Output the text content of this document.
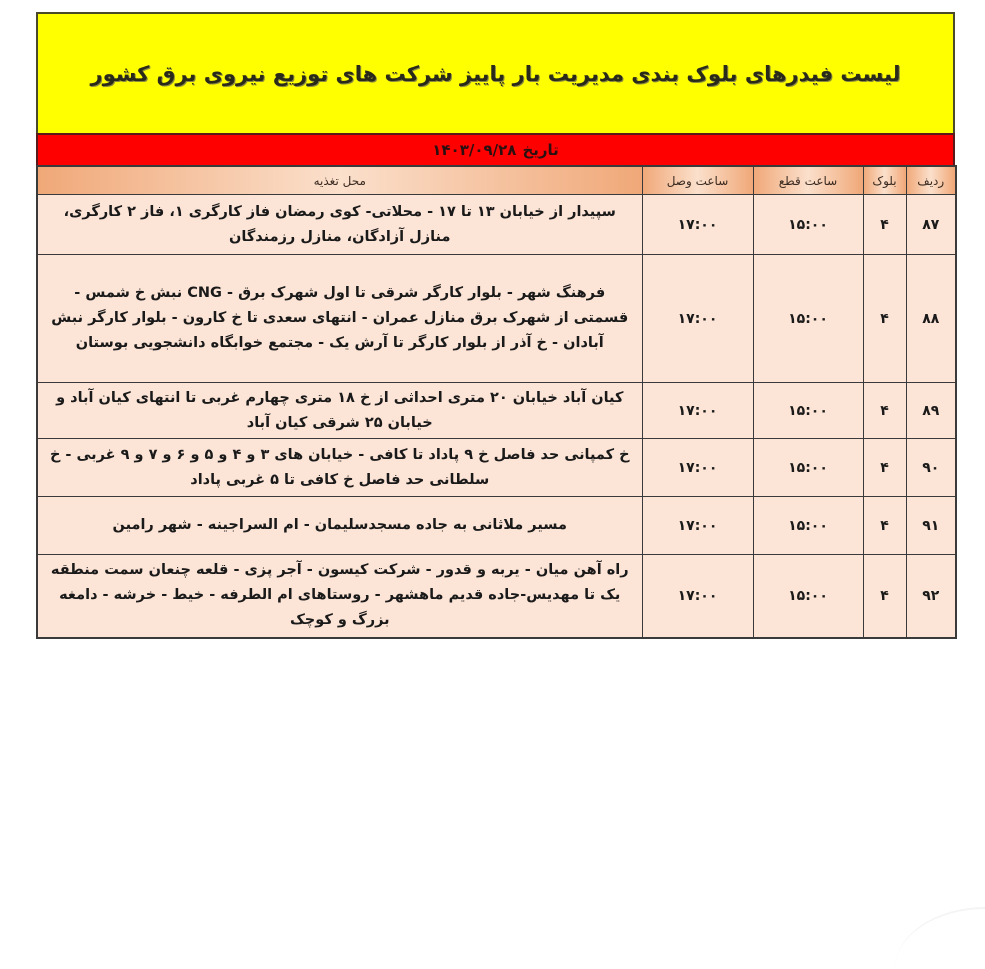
لیست فیدرهای بلوک بندی مدیریت بار پاییز شرکت های توزیع نیروی برق کشور
تاریخ
۱۴۰۳/۰۹/۲۸
ردیف	بلوک	ساعت قطع	ساعت وصل	محل تغذیه
۸۷	۴	۱۵:۰۰	۱۷:۰۰	سپیدار از خیابان ۱۳ تا ۱۷ - محلاتی- کوی رمضان فاز کارگری ۱، فاز ۲ کارگری، منازل آزادگان، منازل رزمندگان
۸۸	۴	۱۵:۰۰	۱۷:۰۰	فرهنگ شهر - بلوار کارگر شرقی تا اول شهرک برق - CNG نبش خ شمس - قسمتی از شهرک برق منازل عمران - انتهای سعدی تا خ کارون - بلوار کارگر نبش آبادان - خ آذر از بلوار کارگر تا آرش یک - مجتمع خوابگاه دانشجویی بوستان
۸۹	۴	۱۵:۰۰	۱۷:۰۰	کیان آباد خیابان ۲۰ متری احداثی از خ ۱۸ متری چهارم غربی تا انتهای کیان آباد و خیابان ۲۵ شرقی کیان آباد
۹۰	۴	۱۵:۰۰	۱۷:۰۰	خ کمپانی حد فاصل خ ۹ پاداد تا کافی - خیابان های ۳ و ۴ و ۵ و ۶ و ۷ و ۹ غربی - خ سلطانی حد فاصل خ کافی تا ۵ غربی پاداد
۹۱	۴	۱۵:۰۰	۱۷:۰۰	مسیر ملاثانی به جاده مسجدسلیمان - ام السراجینه - شهر رامین
۹۲	۴	۱۵:۰۰	۱۷:۰۰	راه آهن میان - یربه و قدور - شرکت کیسون - آجر پزی - قلعه چنعان سمت منطقه یک تا مهدیس-جاده قدیم ماهشهر - روستاهای ام الطرفه - خیط - خرشه - دامغه بزرگ و کوچک
